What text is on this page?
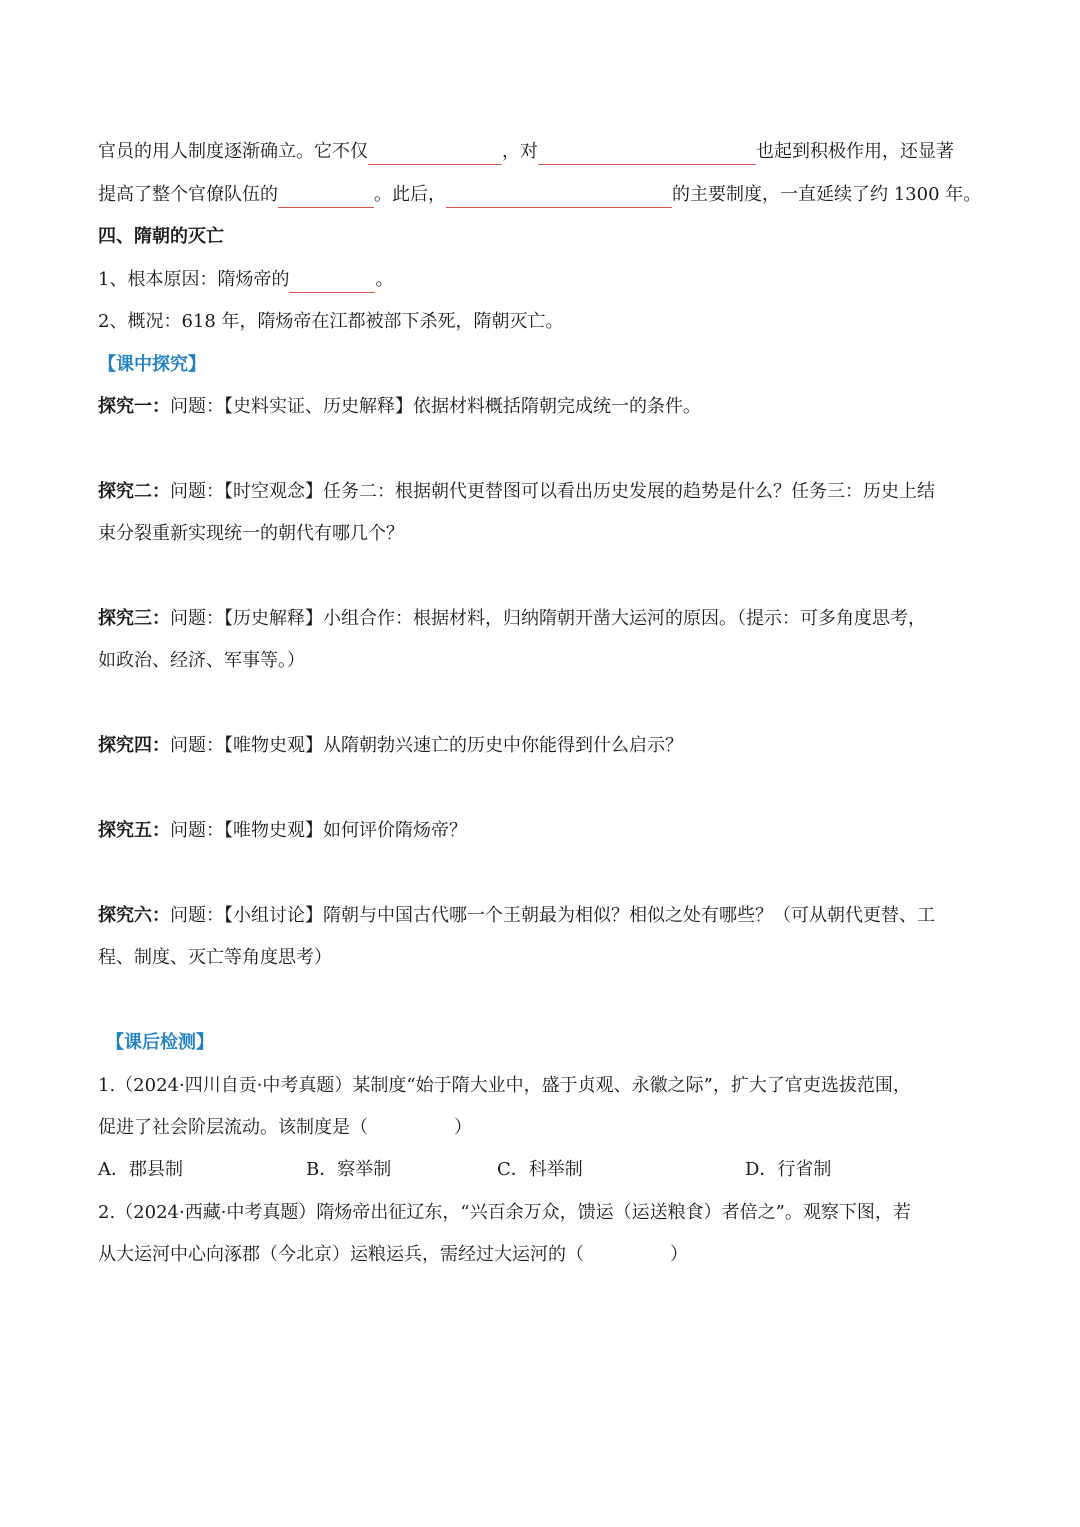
官员的用人制度逐渐确立。它不仅	，对	也起到积极作用，还显著
提高了整个官僚队伍的	。此后，	的主要制度，一直延续了约 1300 年。
四、隋朝的灭亡
1、根本原因：隋炀帝的	。
2、概况：618 年，隋炀帝在江都被部下杀死，隋朝灭亡。
【课中探究】
探究一：问题：【史料实证、历史解释】依据材料概括隋朝完成统一的条件。
探究二：问题：【时空观念】任务二：根据朝代更替图可以看出历史发展的趋势是什么？任务三：历史上结
束分裂重新实现统一的朝代有哪几个？
探究三：问题：【历史解释】小组合作：根据材料，归纳隋朝开凿大运河的原因。（提示：可多角度思考，
如政治、经济、军事等。）
探究四：问题：【唯物史观】从隋朝勃兴速亡的历史中你能得到什么启示？
探究五：问题：【唯物史观】如何评价隋炀帝？
探究六：问题：【小组讨论】隋朝与中国古代哪一个王朝最为相似？相似之处有哪些？（可从朝代更替、工
程、制度、灭亡等角度思考）
【课后检测】
1.（2024·四川自贡·中考真题）某制度“始于隋大业中，盛于贞观、永徽之际”，扩大了官吏选拔范围，
促进了社会阶层流动。该制度是（	）
A．郡县制	B．察举制	C．科举制	D．行省制
2.（2024·西藏·中考真题）隋炀帝出征辽东，“兴百余万众，馈运（运送粮食）者倍之”。观察下图，若
从大运河中心向涿郡（今北京）运粮运兵，需经过大运河的（	）
